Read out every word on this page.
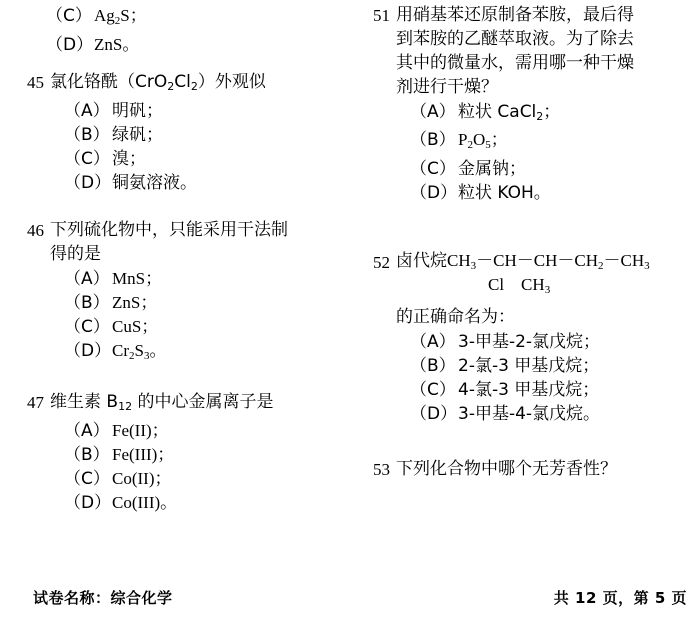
（C） $Ag_2S$；
（D）ZnS。
45 氯化铬酰$(CrO_2Cl_2)$外观似
（A） 明矾；
（B） 绿矾；
（C） 溴；
（D）铜氨溶液。
46 下列硫化物中，只能采用干法制
得的是
（A） MnS；
（B） ZnS；
（C） CuS；
$(D)Cr_2S_3$。
47 维生素 $B_{12}$ 的中心金属离子是
（A） Fe(II)；
（B） Fe(III)；
（C） Co(II)；
（D）Co(III)。
51 用硝基苯还原制备苯胺，最后得
到苯胺的乙醚萃取液。为了除去
其中的微量水，需用哪一种干燥
剂进行干燥？
（A） 粒状 CaCl$_2$；
（B） $P_2O_5$；
（C） 金属钠；
（D）粒状 KOH。
52 卤代烷$CH_3-CH-CH-CH_2-CH_3$
Cl    $CH_3$
的正确命名为：
（A） 3-甲基-2-氯戊烷；
（B） 2-氯-3 甲基戊烷；
（C） 4-氯-3 甲基戊烷；
（D）3-甲基-4-氯戊烷。
53 下列化合物中哪个无芳香性？
试卷名称：综合化学	共 12 页，第 5 页
